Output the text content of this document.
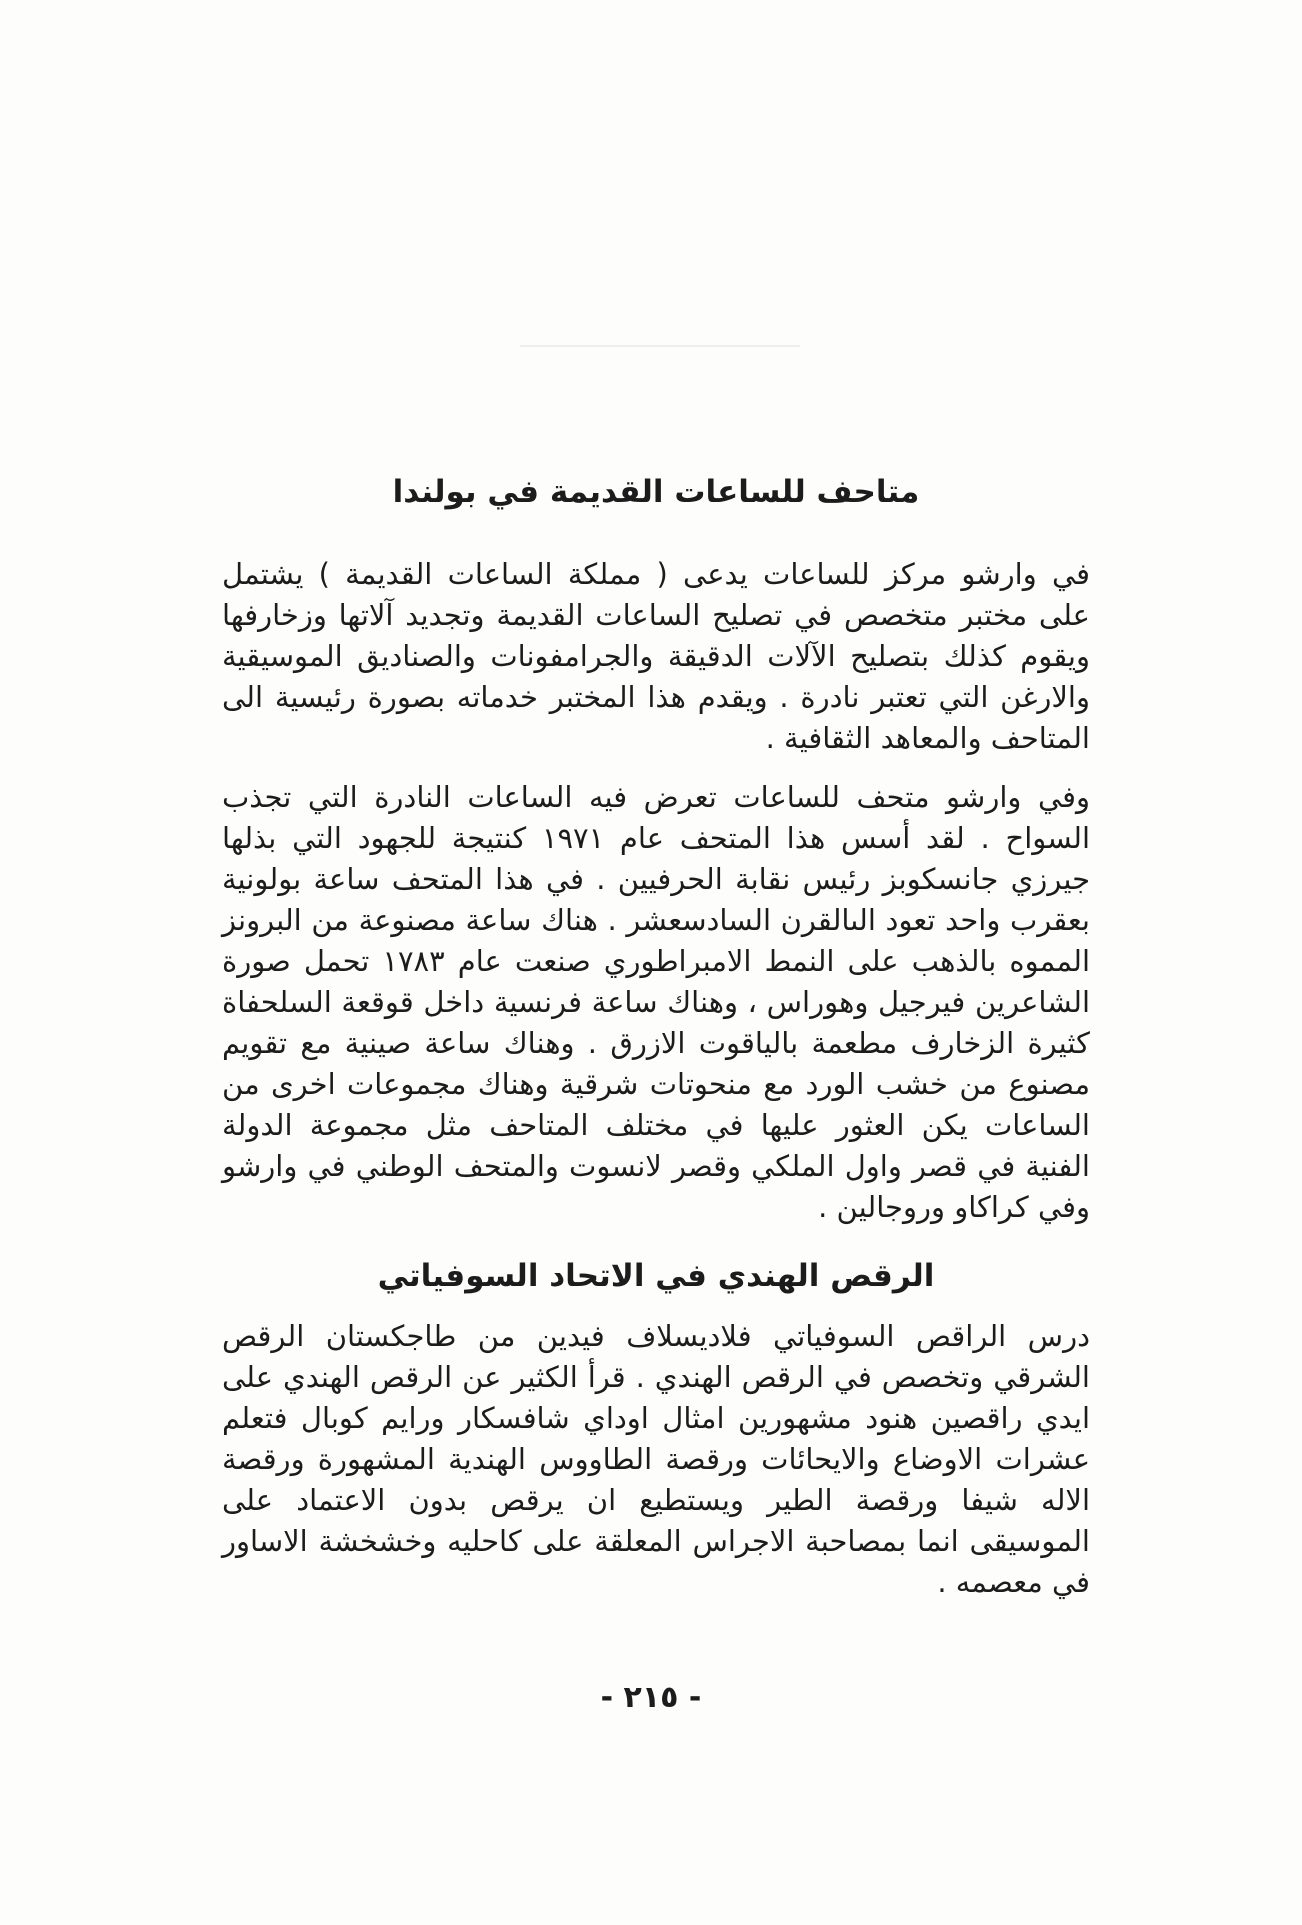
متاحف للساعات القديمة في بولندا

في وارشو مركز للساعات يدعى ( مملكة الساعات القديمة ) يشتمل على مختبر متخصص في تصليح الساعات القديمة وتجديد آلاتها وزخارفها ويقوم كذلك بتصليح الآلات الدقيقة والجرامفونات والصناديق الموسيقية والارغن التي تعتبر نادرة . ويقدم هذا المختبر خدماته بصورة رئيسية الى المتاحف والمعاهد الثقافية .

وفي وارشو متحف للساعات تعرض فيه الساعات النادرة التي تجذب السواح . لقد أسس هذا المتحف عام ١٩٧١ كنتيجة للجهود التي بذلها جيرزي جانسكوبز رئيس نقابة الحرفيين . في هذا المتحف ساعة بولونية بعقرب واحد تعود الىالقرن السادسعشر . هناك ساعة مصنوعة من البرونز المموه بالذهب على النمط الامبراطوري صنعت عام ١٧٨٣ تحمل صورة الشاعرين فيرجيل وهوراس ، وهناك ساعة فرنسية داخل قوقعة السلحفاة كثيرة الزخارف مطعمة بالياقوت الازرق . وهناك ساعة صينية مع تقويم مصنوع من خشب الورد مع منحوتات شرقية وهناك مجموعات اخرى من الساعات يكن العثور عليها في مختلف المتاحف مثل مجموعة الدولة الفنية في قصر واول الملكي وقصر لانسوت والمتحف الوطني في وارشو وفي كراكاو وروجالين .

الرقص الهندي في الاتحاد السوفياتي

درس الراقص السوفياتي فلاديسلاف فيدين من طاجكستان الرقص الشرقي وتخصص في الرقص الهندي . قرأ الكثير عن الرقص الهندي على ايدي راقصين هنود مشهورين امثال اوداي شافسكار ورايم كوبال فتعلم عشرات الاوضاع والايحائات ورقصة الطاووس الهندية المشهورة ورقصة الاله شيفا ورقصة الطير ويستطيع ان يرقص بدون الاعتماد على الموسيقى انما بمصاحبة الاجراس المعلقة على كاحليه وخشخشة الاساور في معصمه .

- ٢١٥ -
